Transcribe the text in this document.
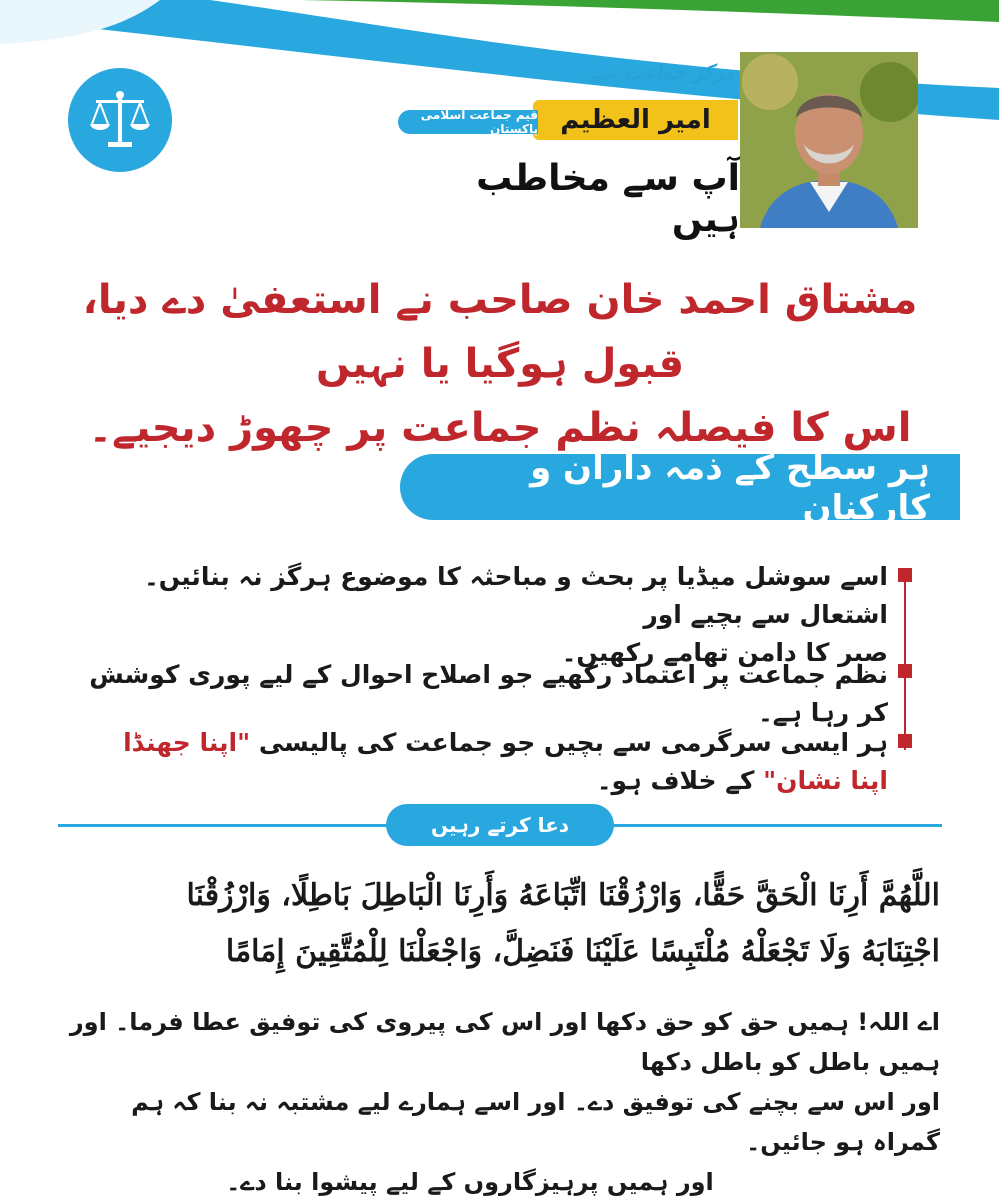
مرکز جماعت سے
امیر العظیم
قیم جماعت اسلامی پاکستان
آپ سے مخاطب ہیں
مشتاق احمد خان صاحب نے استعفیٰ دے دیا، قبول ہوگیا یا نہیں
اس کا فیصلہ نظم جماعت پر چھوڑ دیجیے۔
ہر سطح کے ذمہ داران و کارکنان
اسے سوشل میڈیا پر بحث و مباحثہ کا موضوع ہرگز نہ بنائیں۔ اشتعال سے بچیے اور
صبر کا دامن تھامے رکھیں۔
نظم جماعت پر اعتماد رکھیے جو اصلاح احوال کے لیے پوری کوشش کر رہا ہے۔
ہر ایسی سرگرمی سے بچیں جو جماعت کی پالیسی "اپنا جھنڈا اپنا نشان" کے خلاف ہو۔
دعا کرتے رہیں
اللَّهُمَّ أَرِنَا الْحَقَّ حَقًّا، وَارْزُقْنَا اتِّبَاعَهُ وَأَرِنَا الْبَاطِلَ بَاطِلًا، وَارْزُقْنَا
اجْتِنَابَهُ وَلَا تَجْعَلْهُ مُلْتَبِسًا عَلَيْنَا فَنَضِلَّ، وَاجْعَلْنَا لِلْمُتَّقِينَ إِمَامًا
اے اللہ! ہمیں حق کو حق دکھا اور اس کی پیروی کی توفیق عطا فرما۔ اور ہمیں باطل کو باطل دکھا
اور اس سے بچنے کی توفیق دے۔ اور اسے ہمارے لیے مشتبہ نہ بنا کہ ہم گمراہ ہو جائیں۔
اور ہمیں پرہیزگاروں کے لیے پیشوا بنا دے۔
